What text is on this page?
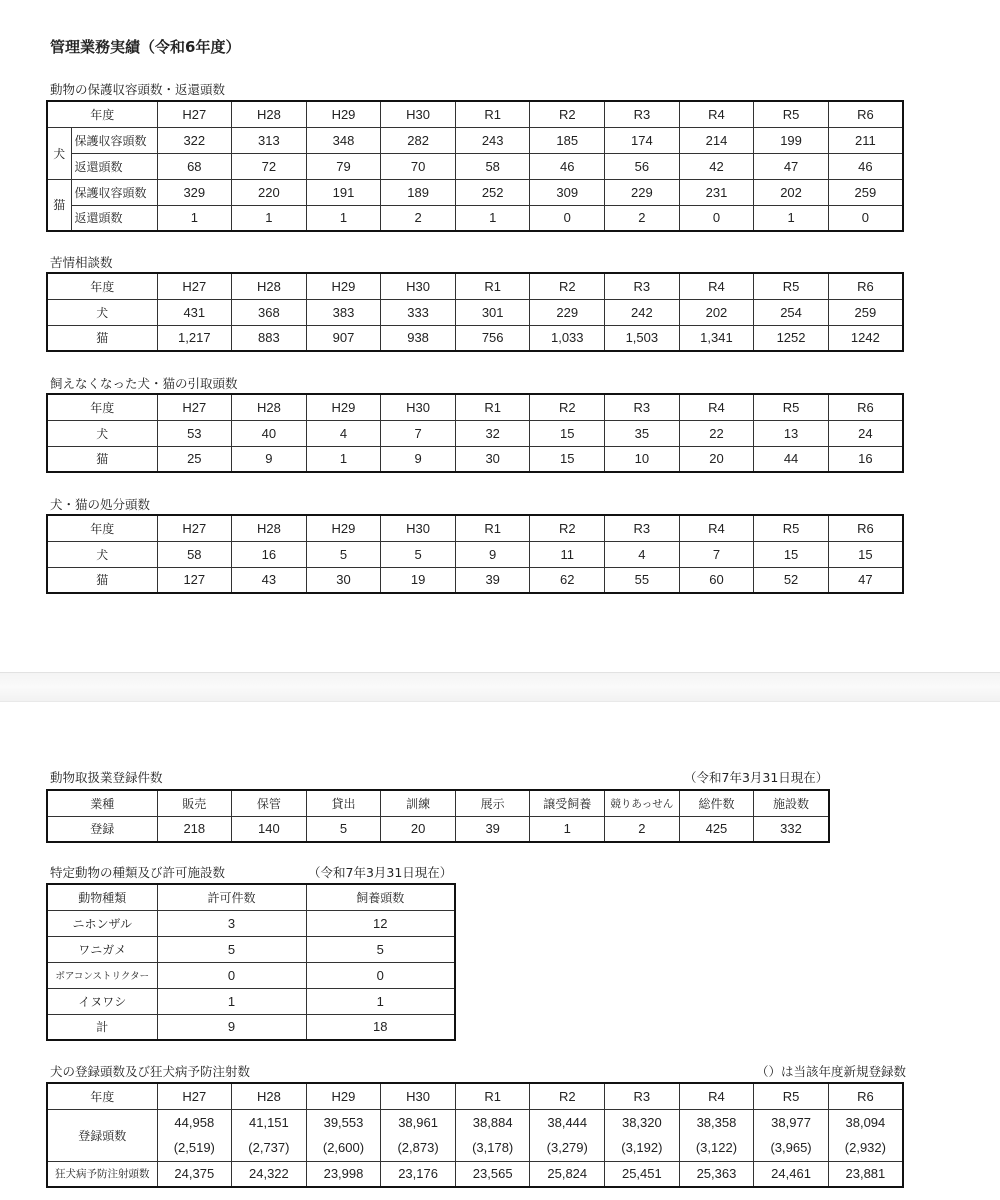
管理業務実績（令和6年度）
動物の保護収容頭数・返還頭数
年度		H27	H28	H29	H30	R1	R2	R3	R4	R5	R6
犬	保護収容頭数	322	313	348	282	243	185	174	214	199	211
	返還頭数	68	72	79	70	58	46	56	42	47	46
猫	保護収容頭数	329	220	191	189	252	309	229	231	202	259
	返還頭数	1	1	1	2	1	0	2	0	1	0
苦情相談数
年度	H27	H28	H29	H30	R1	R2	R3	R4	R5	R6
犬	431	368	383	333	301	229	242	202	254	259
猫	1,217	883	907	938	756	1,033	1,503	1,341	1252	1242
飼えなくなった犬・猫の引取頭数
年度	H27	H28	H29	H30	R1	R2	R3	R4	R5	R6
犬	53	40	4	7	32	15	35	22	13	24
猫	25	9	1	9	30	15	10	20	44	16
犬・猫の処分頭数
年度	H27	H28	H29	H30	R1	R2	R3	R4	R5	R6
犬	58	16	5	5	9	11	4	7	15	15
猫	127	43	30	19	39	62	55	60	52	47
動物取扱業登録件数	（令和7年3月31日現在）
業種	販売	保管	貸出	訓練	展示	譲受飼養	競りあっせん	総件数	施設数
登録	218	140	5	20	39	1	2	425	332
特定動物の種類及び許可施設数	（令和7年3月31日現在）
動物種類	許可件数	飼養頭数
ニホンザル	3	12
ワニガメ	5	5
ボアコンストリクター	0	0
イヌワシ	1	1
計	9	18
犬の登録頭数及び狂犬病予防注射数	（）は当該年度新規登録数
年度	H27	H28	H29	H30	R1	R2	R3	R4	R5	R6
登録頭数	44,958	41,151	39,553	38,961	38,884	38,444	38,320	38,358	38,977	38,094
	(2,519)	(2,737)	(2,600)	(2,873)	(3,178)	(3,279)	(3,192)	(3,122)	(3,965)	(2,932)
狂犬病予防注射頭数	24,375	24,322	23,998	23,176	23,565	25,824	25,451	25,363	24,461	23,881
